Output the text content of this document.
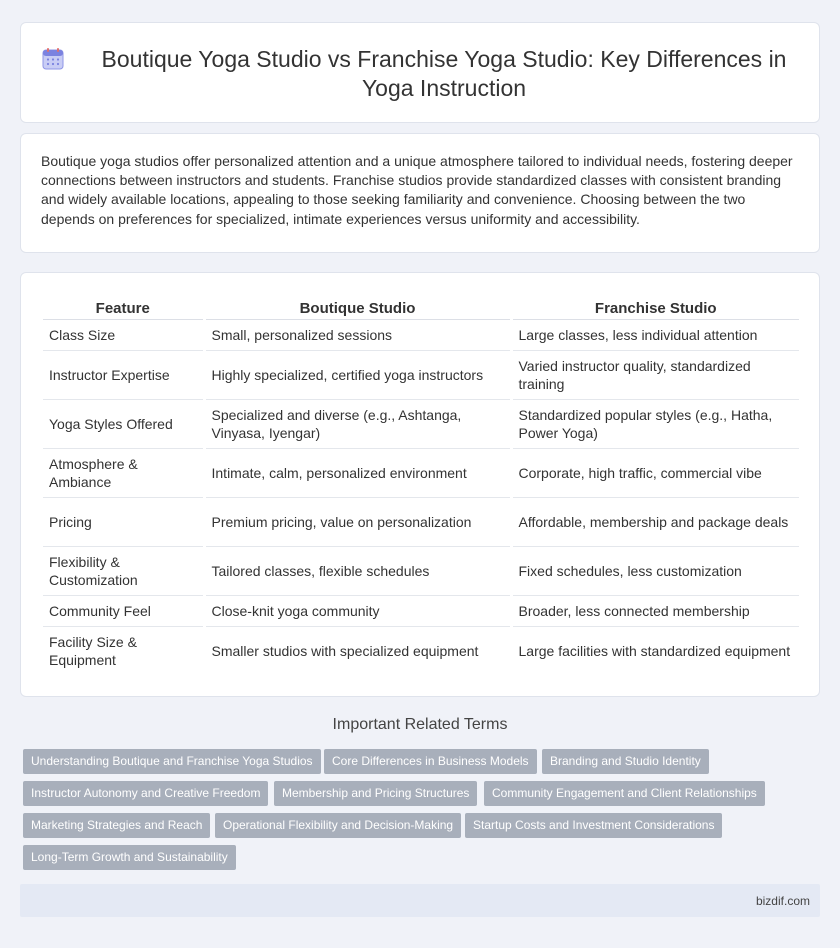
Boutique Yoga Studio vs Franchise Yoga Studio: Key Differences in Yoga Instruction

Boutique yoga studios offer personalized attention and a unique atmosphere tailored to individual needs, fostering deeper connections between instructors and students. Franchise studios provide standardized classes with consistent branding and widely available locations, appealing to those seeking familiarity and convenience. Choosing between the two depends on preferences for specialized, intimate experiences versus uniformity and accessibility.

Feature	Boutique Studio	Franchise Studio
Class Size	Small, personalized sessions	Large classes, less individual attention
Instructor Expertise	Highly specialized, certified yoga instructors	Varied instructor quality, standardized training
Yoga Styles Offered	Specialized and diverse (e.g., Ashtanga, Vinyasa, Iyengar)	Standardized popular styles (e.g., Hatha, Power Yoga)
Atmosphere & Ambiance	Intimate, calm, personalized environment	Corporate, high traffic, commercial vibe
Pricing	Premium pricing, value on personalization	Affordable, membership and package deals
Flexibility & Customization	Tailored classes, flexible schedules	Fixed schedules, less customization
Community Feel	Close-knit yoga community	Broader, less connected membership
Facility Size & Equipment	Smaller studios with specialized equipment	Large facilities with standardized equipment
Important Related Terms
Understanding Boutique and Franchise Yoga Studios	Core Differences in Business Models	Branding and Studio Identity
Instructor Autonomy and Creative Freedom	Membership and Pricing Structures	Community Engagement and Client Relationships
Marketing Strategies and Reach	Operational Flexibility and Decision-Making	Startup Costs and Investment Considerations
Long-Term Growth and Sustainability
bizdif.com
